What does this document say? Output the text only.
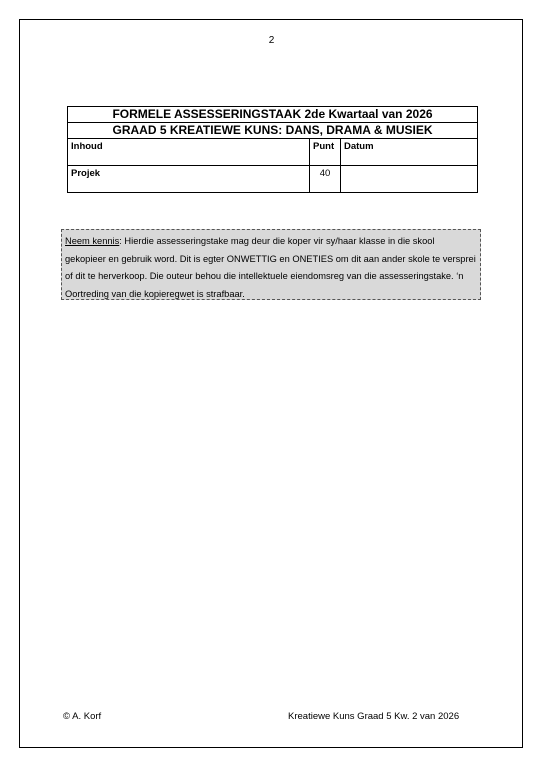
2
FORMELE ASSESSERINGSTAAK 2de Kwartaal van 2026
GRAAD 5 KREATIEWE KUNS: DANS, DRAMA & MUSIEK		

Inhoud	Punt	Datum
Projek	40	
Neem kennis: Hierdie assesseringstake mag deur die koper vir sy/haar klasse in die skool gekopieer en gebruik word. Dit is egter ONWETTIG en ONETIES om dit aan ander skole te versprei of dit te herverkoop. Die outeur behou die intellektuele eiendomsreg van die assesseringstake. ‘n Oortreding van die kopieregwet is strafbaar.
© A. Korf	Kreatiewe Kuns Graad 5 Kw. 2 van 2026
